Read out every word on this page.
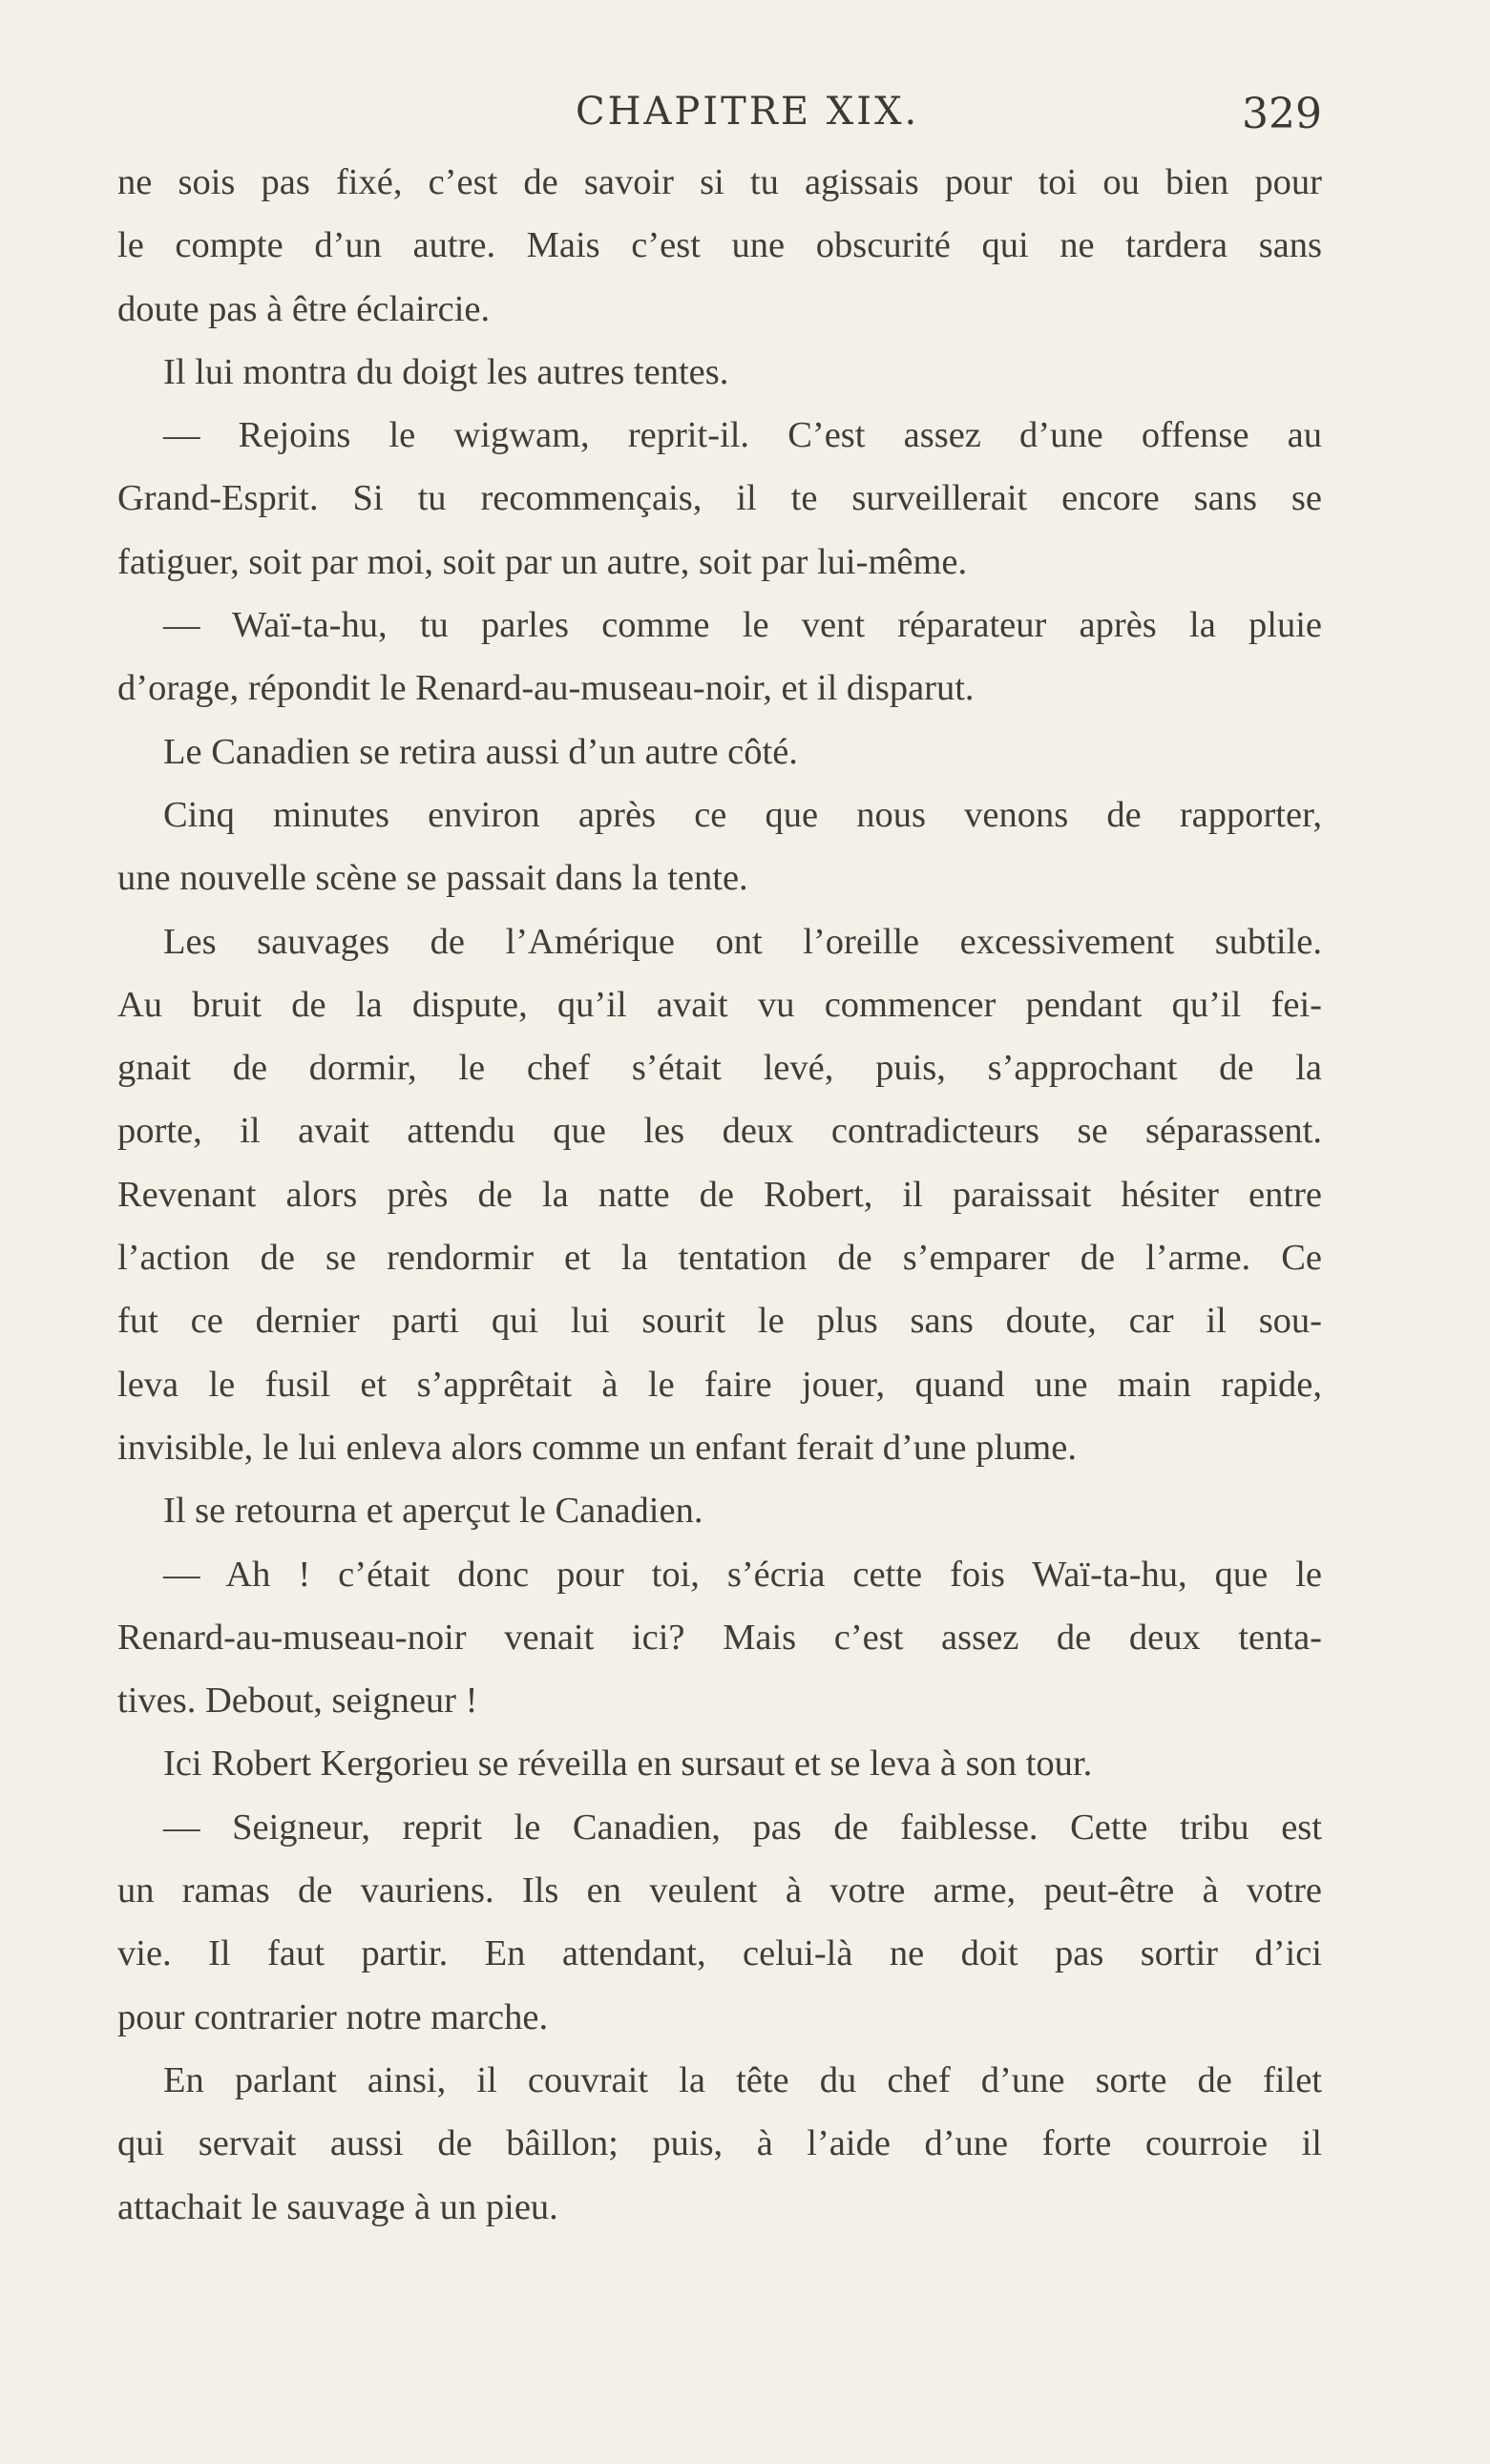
CHAPITRE XIX.	329
ne sois pas fixé, c’est de savoir si tu agissais pour toi ou bien pour
le compte d’un autre. Mais c’est une obscurité qui ne tardera sans
doute pas à être éclaircie.
Il lui montra du doigt les autres tentes.
— Rejoins le wigwam, reprit-il. C’est assez d’une offense au
Grand-Esprit. Si tu recommençais, il te surveillerait encore sans se
fatiguer, soit par moi, soit par un autre, soit par lui-même.
— Waï-ta-hu, tu parles comme le vent réparateur après la pluie
d’orage, répondit le Renard-au-museau-noir, et il disparut.
Le Canadien se retira aussi d’un autre côté.
Cinq minutes environ après ce que nous venons de rapporter,
une nouvelle scène se passait dans la tente.
Les sauvages de l’Amérique ont l’oreille excessivement subtile.
Au bruit de la dispute, qu’il avait vu commencer pendant qu’il fei-
gnait de dormir, le chef s’était levé, puis, s’approchant de la
porte, il avait attendu que les deux contradicteurs se séparassent.
Revenant alors près de la natte de Robert, il paraissait hésiter entre
l’action de se rendormir et la tentation de s’emparer de l’arme. Ce
fut ce dernier parti qui lui sourit le plus sans doute, car il sou-
leva le fusil et s’apprêtait à le faire jouer, quand une main rapide,
invisible, le lui enleva alors comme un enfant ferait d’une plume.
Il se retourna et aperçut le Canadien.
— Ah ! c’était donc pour toi, s’écria cette fois Waï-ta-hu, que le
Renard-au-museau-noir venait ici? Mais c’est assez de deux tenta-
tives. Debout, seigneur !
Ici Robert Kergorieu se réveilla en sursaut et se leva à son tour.
— Seigneur, reprit le Canadien, pas de faiblesse. Cette tribu est
un ramas de vauriens. Ils en veulent à votre arme, peut-être à votre
vie. Il faut partir. En attendant, celui-là ne doit pas sortir d’ici
pour contrarier notre marche.
En parlant ainsi, il couvrait la tête du chef d’une sorte de filet
qui servait aussi de bâillon; puis, à l’aide d’une forte courroie il
attachait le sauvage à un pieu.
